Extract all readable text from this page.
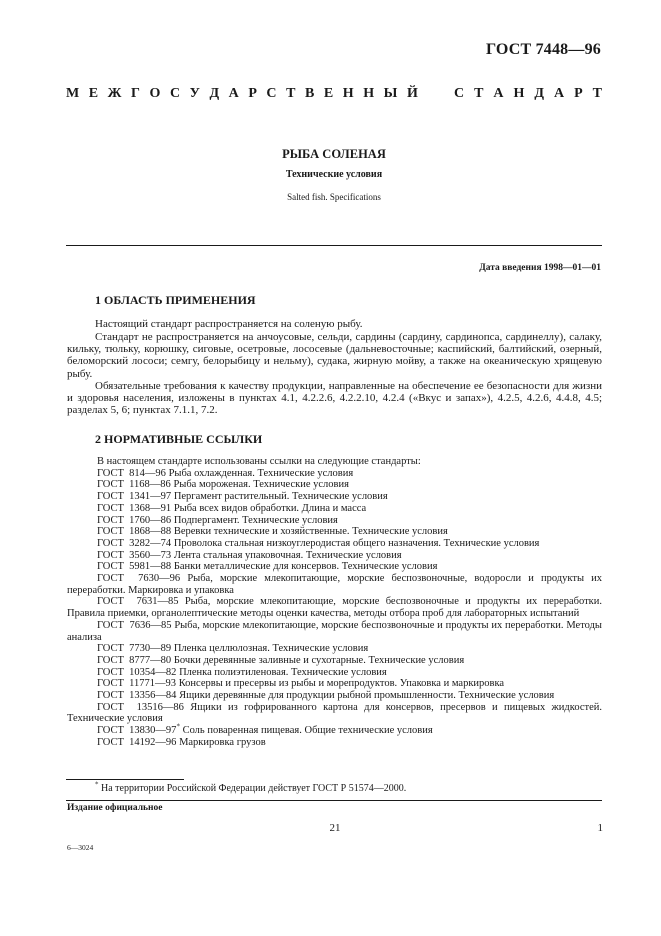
ГОСТ 7448—96
М Е Ж Г О С У Д А Р С Т В Е Н Н Ы Й	С Т А Н Д А Р Т
РЫБА СОЛЕНАЯ
Технические условия
Salted fish. Specifications
Дата введения 1998—01—01
1 ОБЛАСТЬ ПРИМЕНЕНИЯ
Настоящий стандарт распространяется на соленую рыбу.
Стандарт не распространяется на анчоусовые, сельди, сардины (сардину, сардинопса, сардинеллу), салаку, кильку, тюльку, корюшку, сиговые, осетровые, лососевые (дальневосточные; каспийский, балтийский, озерный, беломорский лососи; семгу, белорыбицу и нельму), судака, жирную мойву, а также на океаническую хрящевую рыбу.
Обязательные требования к качеству продукции, направленные на обеспечение ее безопасности для жизни и здоровья населения, изложены в пунктах 4.1, 4.2.2.6, 4.2.2.10, 4.2.4 («Вкус и запах»), 4.2.5, 4.2.6, 4.4.8, 4.5; разделах 5, 6; пунктах 7.1.1, 7.2.
2 НОРМАТИВНЫЕ ССЫЛКИ
В настоящем стандарте использованы ссылки на следующие стандарты:
ГОСТ  814—96 Рыба охлажденная. Технические условия
ГОСТ  1168—86 Рыба мороженая. Технические условия
ГОСТ  1341—97 Пергамент растительный. Технические условия
ГОСТ  1368—91 Рыба всех видов обработки. Длина и масса
ГОСТ  1760—86 Подпергамент. Технические условия
ГОСТ  1868—88 Веревки технические и хозяйственные. Технические условия
ГОСТ  3282—74 Проволока стальная низкоуглеродистая общего назначения. Технические условия
ГОСТ  3560—73 Лента стальная упаковочная. Технические условия
ГОСТ  5981—88 Банки металлические для консервов. Технические условия
ГОСТ  7630—96 Рыба, морские млекопитающие, морские беспозвоночные, водоросли и продукты их переработки. Маркировка и упаковка
ГОСТ  7631—85 Рыба, морские млекопитающие, морские беспозвоночные и продукты их переработки. Правила приемки, органолептические методы оценки качества, методы отбора проб для лабораторных испытаний
ГОСТ  7636—85 Рыба, морские млекопитающие, морские беспозвоночные и продукты их переработки. Методы анализа
ГОСТ  7730—89 Пленка целлюлозная. Технические условия
ГОСТ  8777—80 Бочки деревянные заливные и сухотарные. Технические условия
ГОСТ  10354—82 Пленка полиэтиленовая. Технические условия
ГОСТ  11771—93 Консервы и пресервы из рыбы и морепродуктов. Упаковка и маркировка
ГОСТ  13356—84 Ящики деревянные для продукции рыбной промышленности. Технические условия
ГОСТ  13516—86 Ящики из гофрированного картона для консервов, пресервов и пищевых жидкостей. Технические условия
ГОСТ  13830—97* Соль поваренная пищевая. Общие технические условия
ГОСТ  14192—96 Маркировка грузов
* На территории Российской Федерации действует ГОСТ Р 51574—2000.
Издание официальное
21	1
6—3024
